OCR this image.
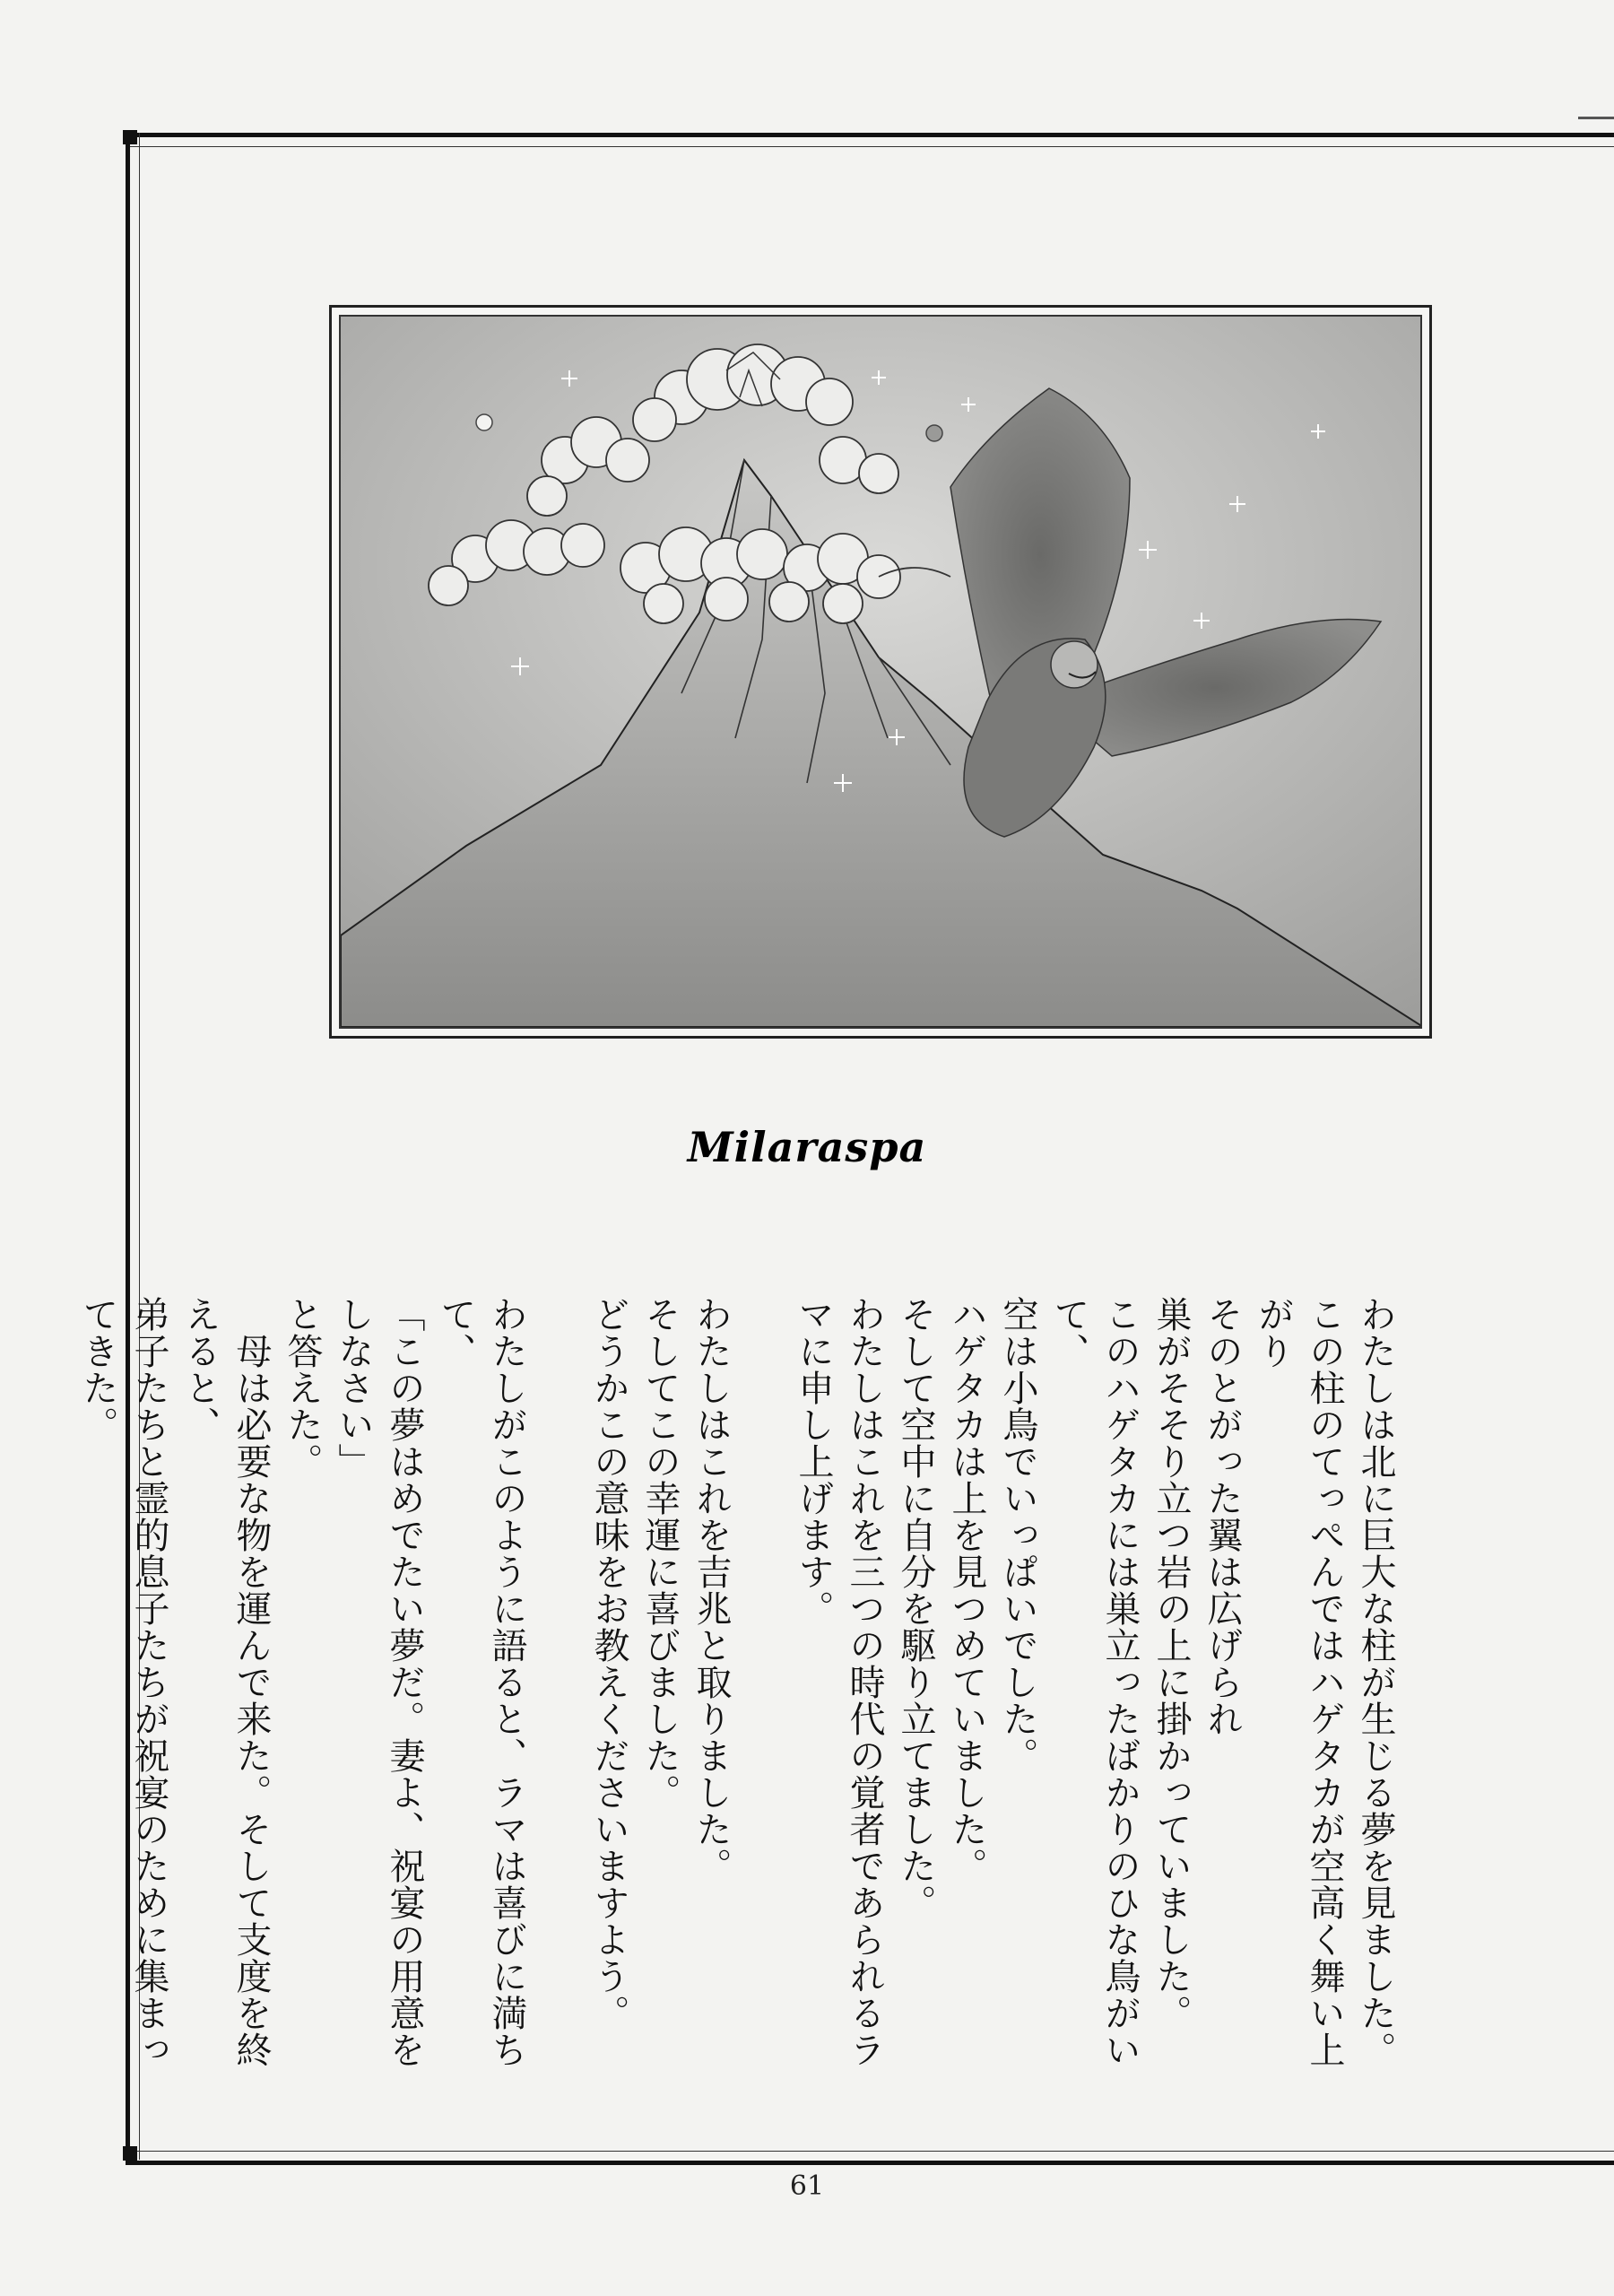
Milaraspa

わたしは北に巨大な柱が生じる夢を見ました。

この柱のてっぺんではハゲタカが空高く舞い上がり

そのとがった翼は広げられ

巣がそそり立つ岩の上に掛かっていました。

このハゲタカには巣立ったばかりのひな鳥がいて、

空は小鳥でいっぱいでした。

ハゲタカは上を見つめていました。

そして空中に自分を駆り立てました。

わたしはこれを三つの時代の覚者であられるラマに申し上げます。

わたしはこれを吉兆と取りました。

そしてこの幸運に喜びました。

どうかこの意味をお教えくださいますよう。

わたしがこのように語ると、ラマは喜びに満ちて、

「この夢はめでたい夢だ。妻よ、祝宴の用意をしなさい」

と答えた。

　母は必要な物を運んで来た。そして支度を終えると、

弟子たちと霊的息子たちが祝宴のために集まってきた。

61
